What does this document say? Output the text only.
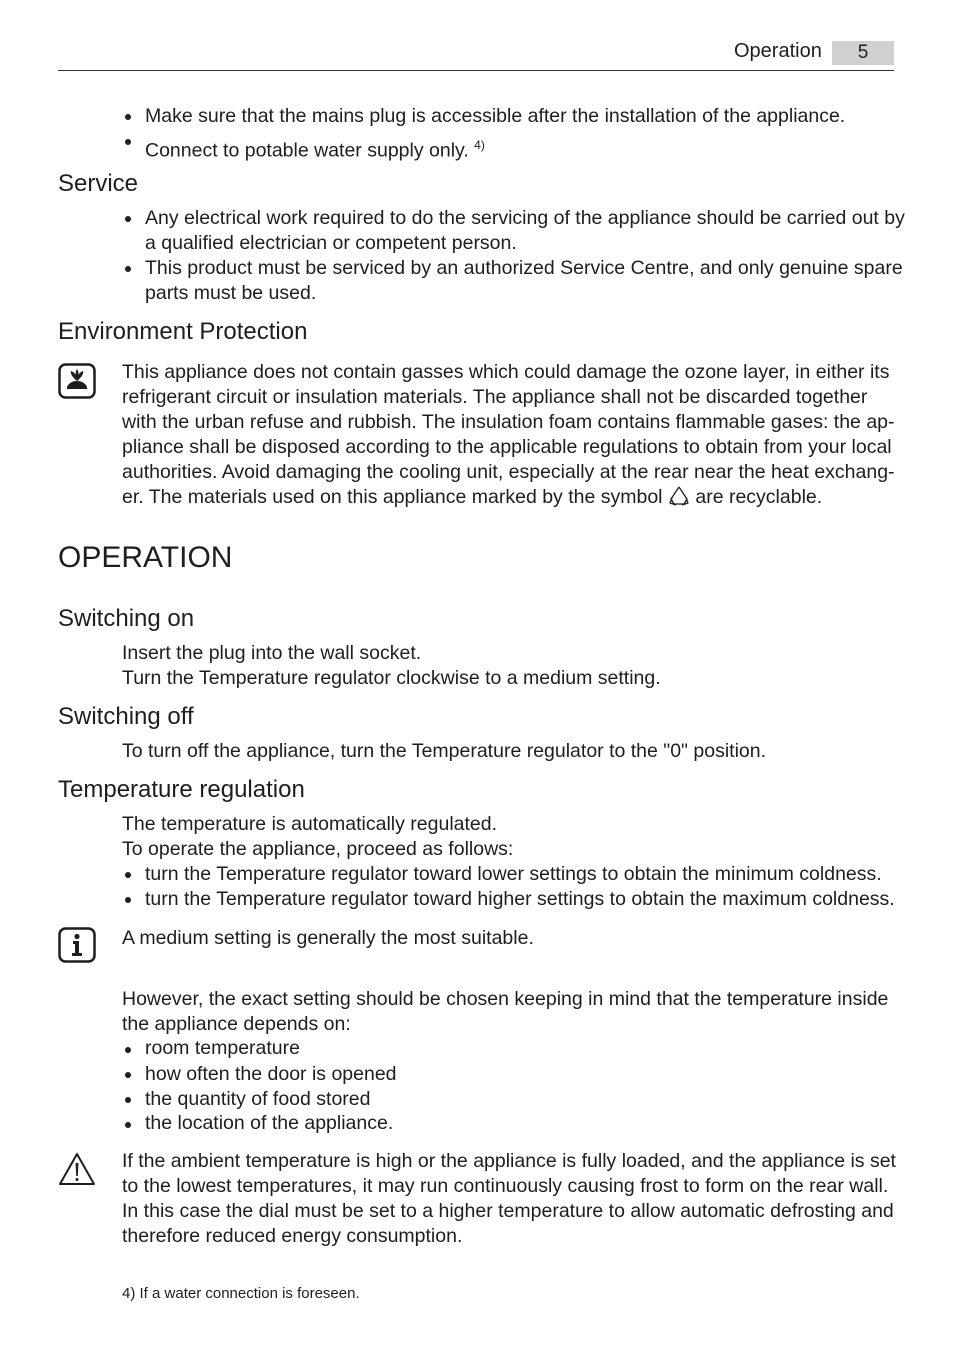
Operation	5
Make sure that the mains plug is accessible after the installation of the appliance.
Connect to potable water supply only. $^{4)}$
Service
Any electrical work required to do the servicing of the appliance should be carried out by
a qualified electrician or competent person.
This product must be serviced by an authorized Service Centre, and only genuine spare
parts must be used.
Environment Protection
This appliance does not contain gasses which could damage the ozone layer, in either its
refrigerant circuit or insulation materials. The appliance shall not be discarded together
with the urban refuse and rubbish. The insulation foam contains flammable gases: the ap-
pliance shall be disposed according to the applicable regulations to obtain from your local
authorities. Avoid damaging the cooling unit, especially at the rear near the heat exchang-
er. The materials used on this appliance marked by the symbol are recyclable.
OPERATION
Switching on
Insert the plug into the wall socket.
Turn the Temperature regulator clockwise to a medium setting.
Switching off
To turn off the appliance, turn the Temperature regulator to the "0" position.
Temperature regulation
The temperature is automatically regulated.
To operate the appliance, proceed as follows:
turn the Temperature regulator toward lower settings to obtain the minimum coldness.
turn the Temperature regulator toward higher settings to obtain the maximum coldness.
A medium setting is generally the most suitable.
However, the exact setting should be chosen keeping in mind that the temperature inside
the appliance depends on:
room temperature
how often the door is opened
the quantity of food stored
the location of the appliance.
If the ambient temperature is high or the appliance is fully loaded, and the appliance is set
to the lowest temperatures, it may run continuously causing frost to form on the rear wall.
In this case the dial must be set to a higher temperature to allow automatic defrosting and
therefore reduced energy consumption.
4) If a water connection is foreseen.
